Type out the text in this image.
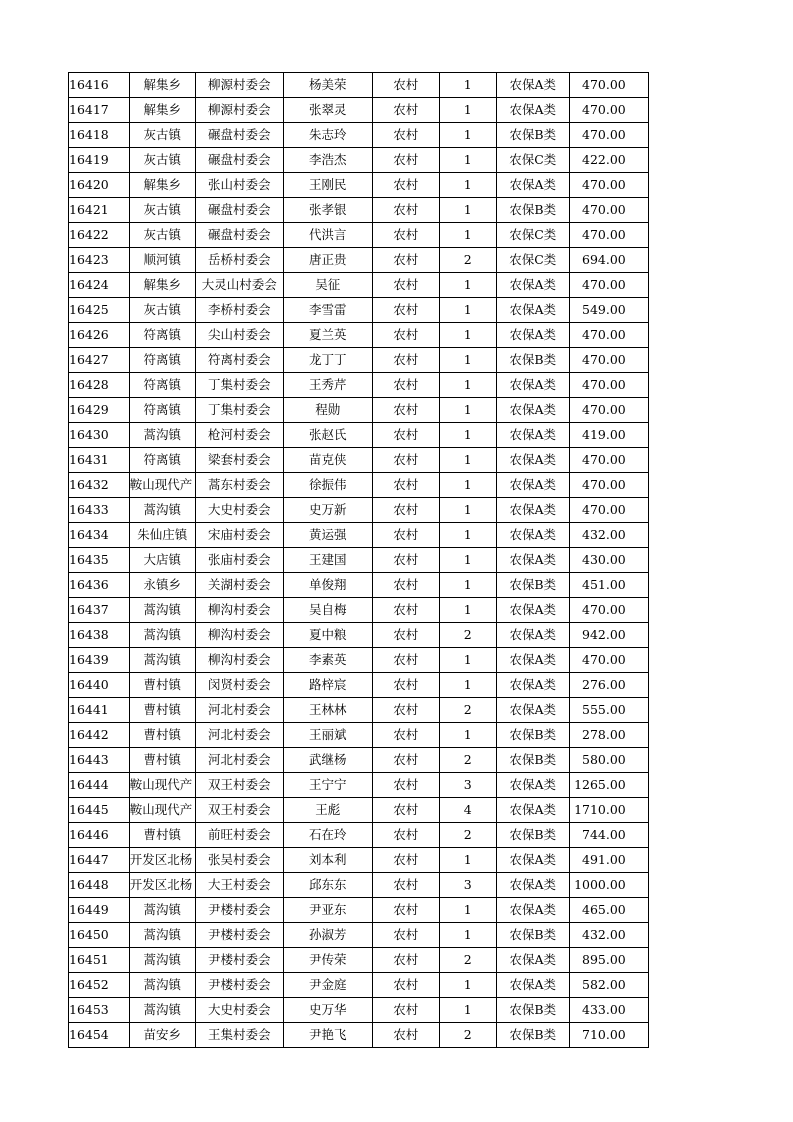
16416	解集乡	柳源村委会	杨美荣	农村	1	农保A类	470.00
16417	解集乡	柳源村委会	张翠灵	农村	1	农保A类	470.00
16418	灰古镇	碾盘村委会	朱志玲	农村	1	农保B类	470.00
16419	灰古镇	碾盘村委会	李浩杰	农村	1	农保C类	422.00
16420	解集乡	张山村委会	王刚民	农村	1	农保A类	470.00
16421	灰古镇	碾盘村委会	张孝银	农村	1	农保B类	470.00
16422	灰古镇	碾盘村委会	代洪言	农村	1	农保C类	470.00
16423	顺河镇	岳桥村委会	唐正贵	农村	2	农保C类	694.00
16424	解集乡	大灵山村委会	吴征	农村	1	农保A类	470.00
16425	灰古镇	李桥村委会	李雪雷	农村	1	农保A类	549.00
16426	符离镇	尖山村委会	夏兰英	农村	1	农保A类	470.00
16427	符离镇	符离村委会	龙丁丁	农村	1	农保B类	470.00
16428	符离镇	丁集村委会	王秀芹	农村	1	农保A类	470.00
16429	符离镇	丁集村委会	程勋	农村	1	农保A类	470.00
16430	蒿沟镇	枪河村委会	张赵氏	农村	1	农保A类	419.00
16431	符离镇	梁套村委会	苗克侠	农村	1	农保A类	470.00
16432	鞍山现代产	蒿东村委会	徐振伟	农村	1	农保A类	470.00
16433	蒿沟镇	大史村委会	史万新	农村	1	农保A类	470.00
16434	朱仙庄镇	宋庙村委会	黄运强	农村	1	农保A类	432.00
16435	大店镇	张庙村委会	王建国	农村	1	农保A类	430.00
16436	永镇乡	关湖村委会	单俊翔	农村	1	农保B类	451.00
16437	蒿沟镇	柳沟村委会	吴自梅	农村	1	农保A类	470.00
16438	蒿沟镇	柳沟村委会	夏中粮	农村	2	农保A类	942.00
16439	蒿沟镇	柳沟村委会	李素英	农村	1	农保A类	470.00
16440	曹村镇	闵贤村委会	路梓宸	农村	1	农保A类	276.00
16441	曹村镇	河北村委会	王林林	农村	2	农保A类	555.00
16442	曹村镇	河北村委会	王丽斌	农村	1	农保B类	278.00
16443	曹村镇	河北村委会	武继杨	农村	2	农保B类	580.00
16444	鞍山现代产	双王村委会	王宁宁	农村	3	农保A类	1265.00
16445	鞍山现代产	双王村委会	王彪	农村	4	农保A类	1710.00
16446	曹村镇	前旺村委会	石在玲	农村	2	农保B类	744.00
16447	开发区北杨	张吴村委会	刘本利	农村	1	农保A类	491.00
16448	开发区北杨	大王村委会	邱东东	农村	3	农保A类	1000.00
16449	蒿沟镇	尹楼村委会	尹亚东	农村	1	农保A类	465.00
16450	蒿沟镇	尹楼村委会	孙淑芳	农村	1	农保B类	432.00
16451	蒿沟镇	尹楼村委会	尹传荣	农村	2	农保A类	895.00
16452	蒿沟镇	尹楼村委会	尹金庭	农村	1	农保A类	582.00
16453	蒿沟镇	大史村委会	史万华	农村	1	农保B类	433.00
16454	苗安乡	王集村委会	尹艳飞	农村	2	农保B类	710.00
